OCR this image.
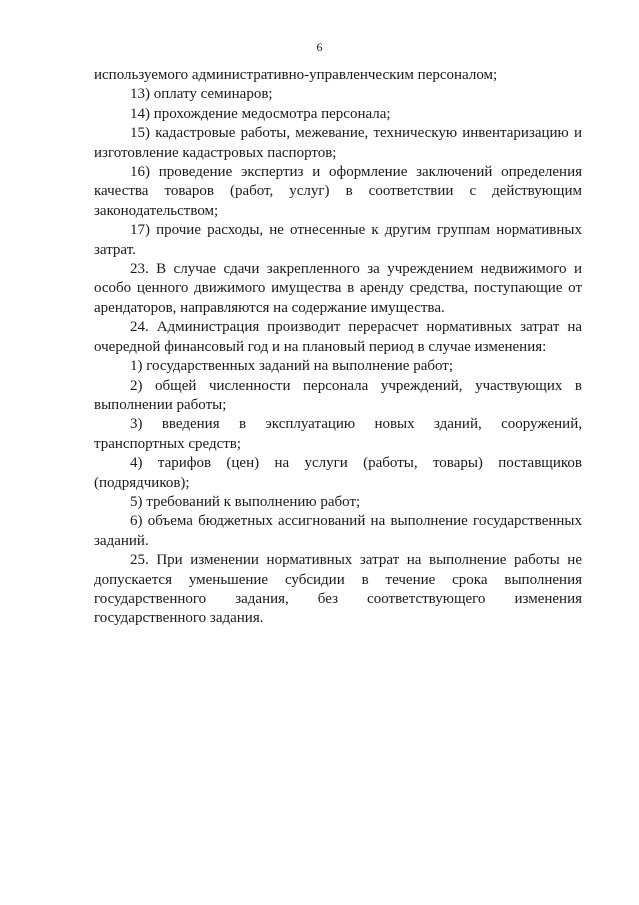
6

используемого административно-управленческим персоналом;

13) оплату семинаров;

14) прохождение медосмотра персонала;

15) кадастровые работы, межевание, техническую инвентаризацию и изготовление кадастровых паспортов;

16) проведение экспертиз и оформление заключений определения качества товаров (работ, услуг) в соответствии с действующим законодательством;

17) прочие расходы, не отнесенные к другим группам нормативных затрат.

23. В случае сдачи закрепленного за учреждением недвижимого и особо ценного движимого имущества в аренду средства, поступающие от арендаторов, направляются на содержание имущества.

24. Администрация производит перерасчет нормативных затрат на очередной финансовый год и на плановый период в случае изменения:

1) государственных заданий на выполнение работ;

2) общей численности персонала учреждений, участвующих в выполнении работы;

3) введения в эксплуатацию новых зданий, сооружений, транспортных средств;

4) тарифов (цен) на услуги (работы, товары) поставщиков (подрядчиков);

5) требований к выполнению работ;

6) объема бюджетных ассигнований на выполнение государственных заданий.

25. При изменении нормативных затрат на выполнение работы не допускается уменьшение субсидии в течение срока выполнения государственного задания, без соответствующего изменения государственного задания.
